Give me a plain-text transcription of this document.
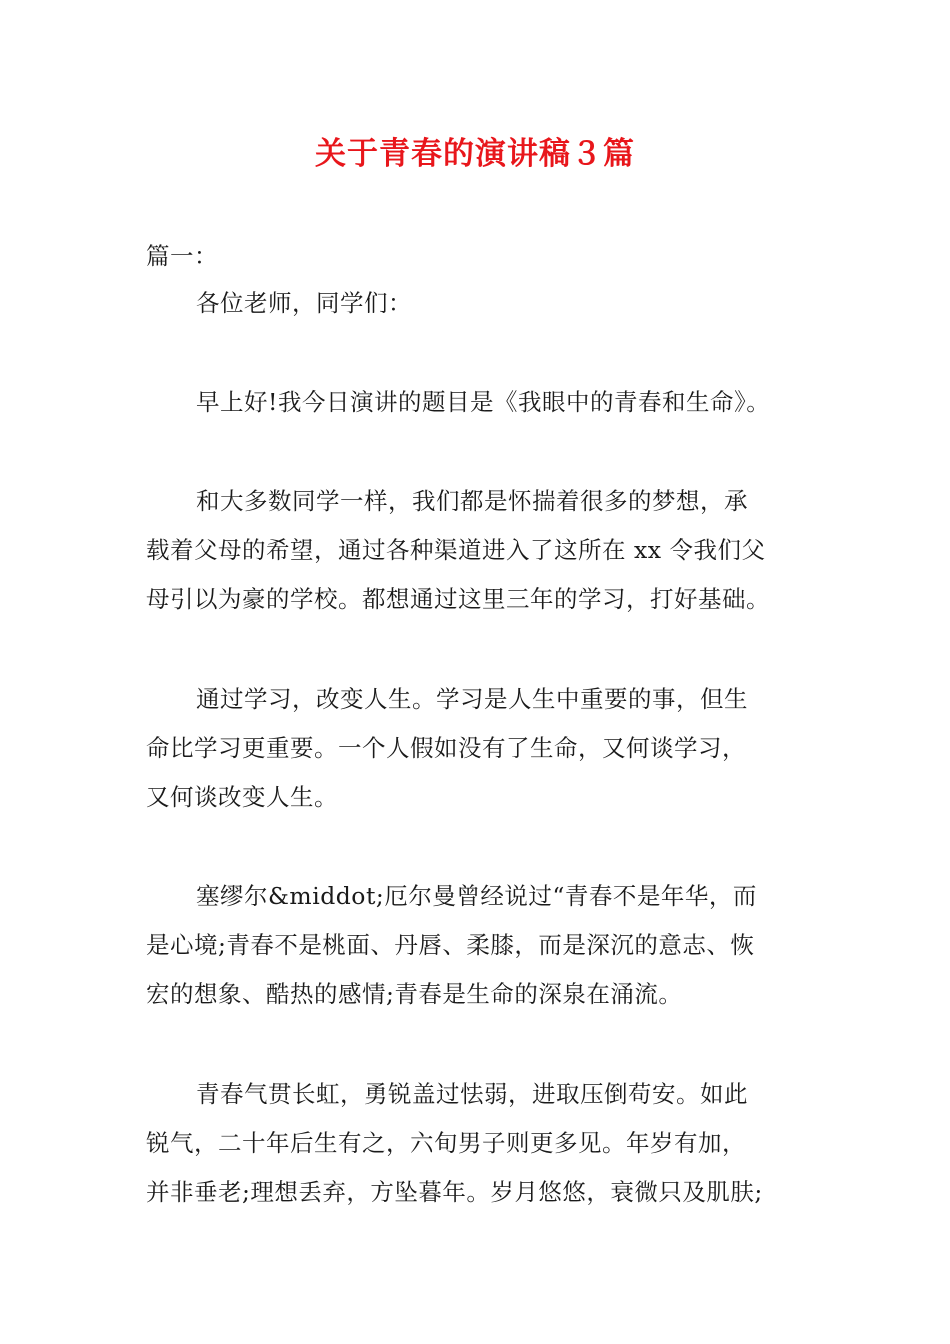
关于青春的演讲稿３篇
篇一：
各位老师，同学们：
早上好!我今日演讲的题目是《我眼中的青春和生命》。
和大多数同学一样，我们都是怀揣着很多的梦想，承
载着父母的希望，通过各种渠道进入了这所在 xx 令我们父
母引以为豪的学校。都想通过这里三年的学习，打好基础。
通过学习，改变人生。学习是人生中重要的事，但生
命比学习更重要。一个人假如没有了生命，又何谈学习，
又何谈改变人生。
塞缪尔&middot;厄尔曼曾经说过“青春不是年华，而
是心境;青春不是桃面、丹唇、柔膝，而是深沉的意志、恢
宏的想象、酷热的感情;青春是生命的深泉在涌流。
青春气贯长虹，勇锐盖过怯弱，进取压倒苟安。如此
锐气，二十年后生有之，六旬男子则更多见。年岁有加，
并非垂老;理想丢弃，方坠暮年。岁月悠悠，衰微只及肌肤;
